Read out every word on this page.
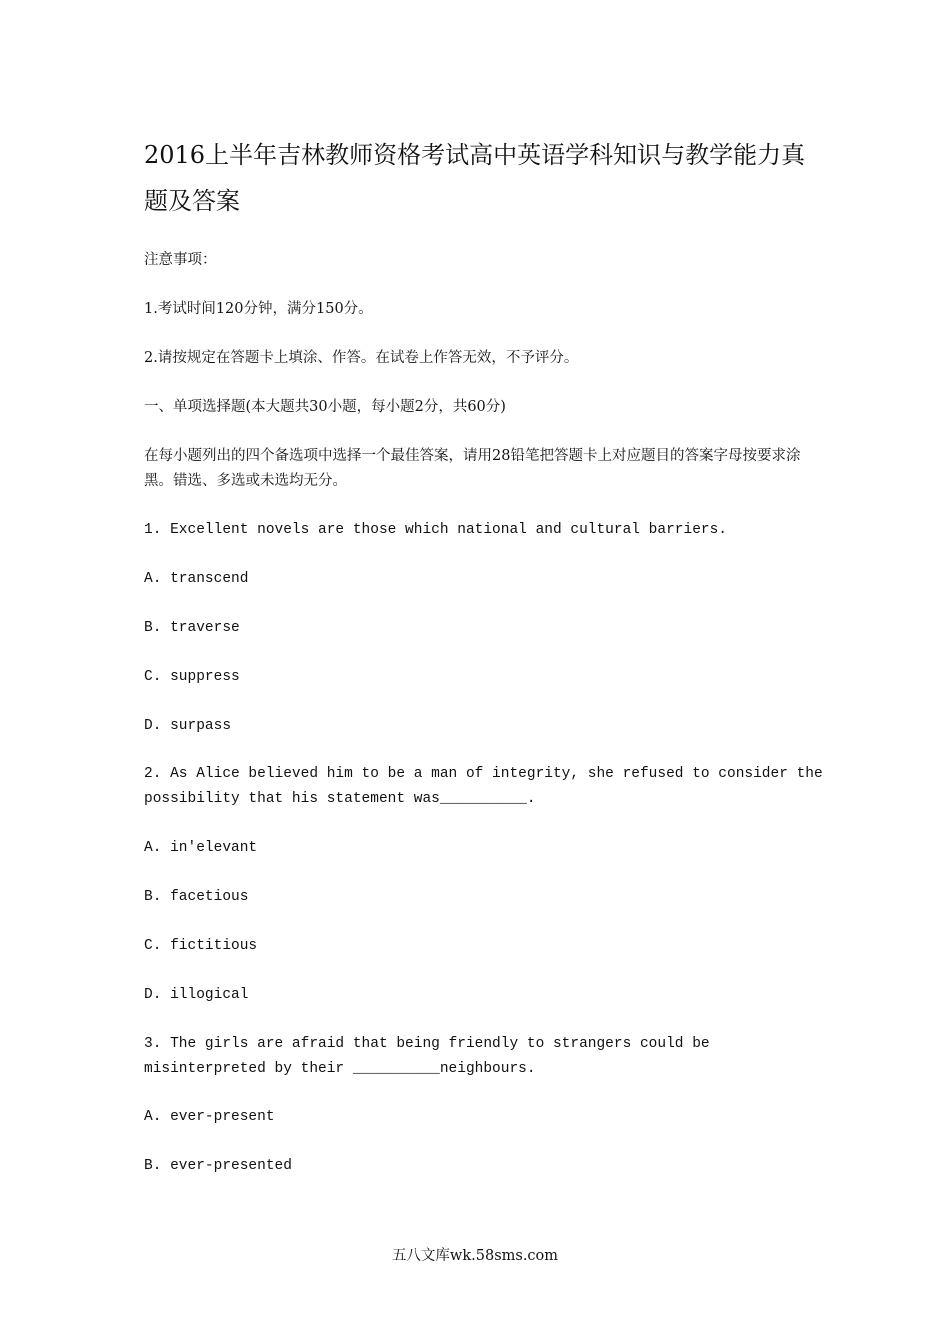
2016上半年吉林教师资格考试高中英语学科知识与教学能力真题及答案

注意事项：

1.考试时间120分钟，满分150分。

2.请按规定在答题卡上填涂、作答。在试卷上作答无效，不予评分。

一、单项选择题(本大题共30小题，每小题2分，共60分)

在每小题列出的四个备选项中选择一个最佳答案，请用28铅笔把答题卡上对应题目的答案字母按要求涂黑。错选、多选或未选均无分。

1. Excellent novels are those which national and cultural barriers.

A. transcend

B. traverse

C. suppress

D. surpass

2. As Alice believed him to be a man of integrity, she refused to consider the possibility that his statement was__________.

A. in'elevant

B. facetious

C. fictitious

D. illogical

3. The girls are afraid that being friendly to strangers could be misinterpreted by their __________neighbours.

A. ever-present

B. ever-presented

五八文库wk.58sms.com
